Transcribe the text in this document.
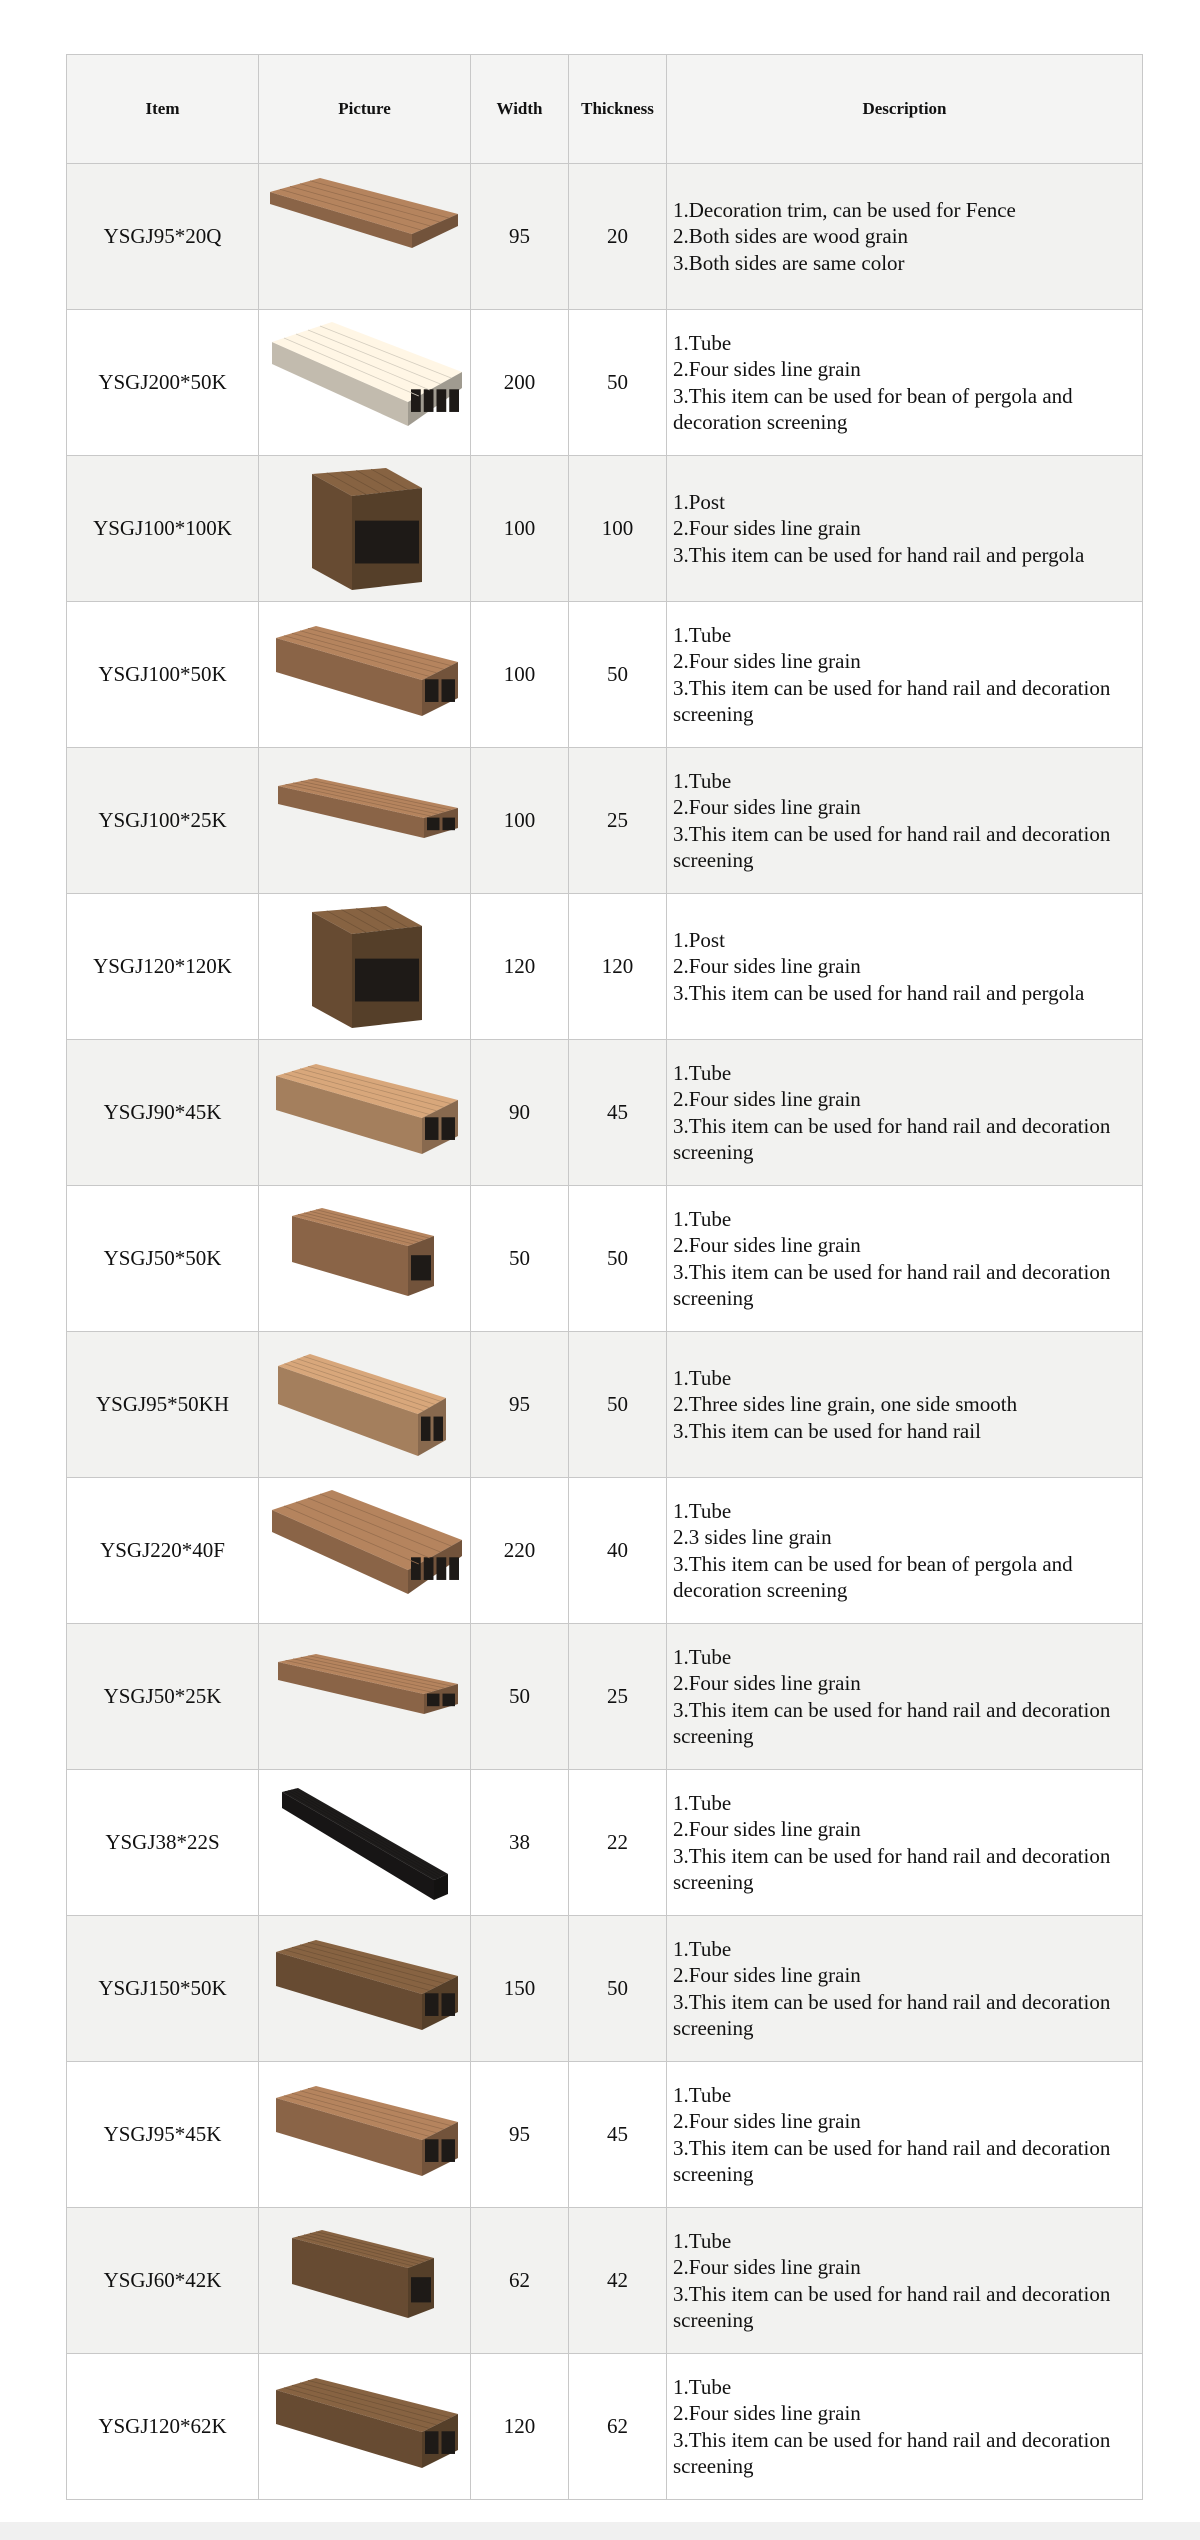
Item	Picture	Width	Thickness	Description
YSGJ95*20Q		95	20	1.Decoration trim, can be used for Fence
2.Both sides are wood grain
3.Both sides are same color

YSGJ200*50K		200	50	1.Tube
2.Four sides line grain
3.This item can be used for bean of pergola and decoration screening

YSGJ100*100K		100	100	1.Post
2.Four sides line grain
3.This item can be used for hand rail and pergola

YSGJ100*50K		100	50	1.Tube
2.Four sides line grain
3.This item can be used for hand rail and decoration screening

YSGJ100*25K		100	25	1.Tube
2.Four sides line grain
3.This item can be used for hand rail and decoration screening

YSGJ120*120K		120	120	1.Post
2.Four sides line grain
3.This item can be used for hand rail and pergola

YSGJ90*45K		90	45	1.Tube
2.Four sides line grain
3.This item can be used for hand rail and decoration screening

YSGJ50*50K		50	50	1.Tube
2.Four sides line grain
3.This item can be used for hand rail and decoration screening

YSGJ95*50KH		95	50	1.Tube
2.Three sides line grain, one side smooth
3.This item can be used for hand rail

YSGJ220*40F		220	40	1.Tube
2.3 sides line grain
3.This item can be used for bean of pergola and decoration screening

YSGJ50*25K		50	25	1.Tube
2.Four sides line grain
3.This item can be used for hand rail and decoration screening

YSGJ38*22S		38	22	1.Tube
2.Four sides line grain
3.This item can be used for hand rail and decoration screening

YSGJ150*50K		150	50	1.Tube
2.Four sides line grain
3.This item can be used for hand rail and decoration screening

YSGJ95*45K		95	45	1.Tube
2.Four sides line grain
3.This item can be used for hand rail and decoration screening

YSGJ60*42K		62	42	1.Tube
2.Four sides line grain
3.This item can be used for hand rail and decoration screening

YSGJ120*62K		120	62	1.Tube
2.Four sides line grain
3.This item can be used for hand rail and decoration screening
